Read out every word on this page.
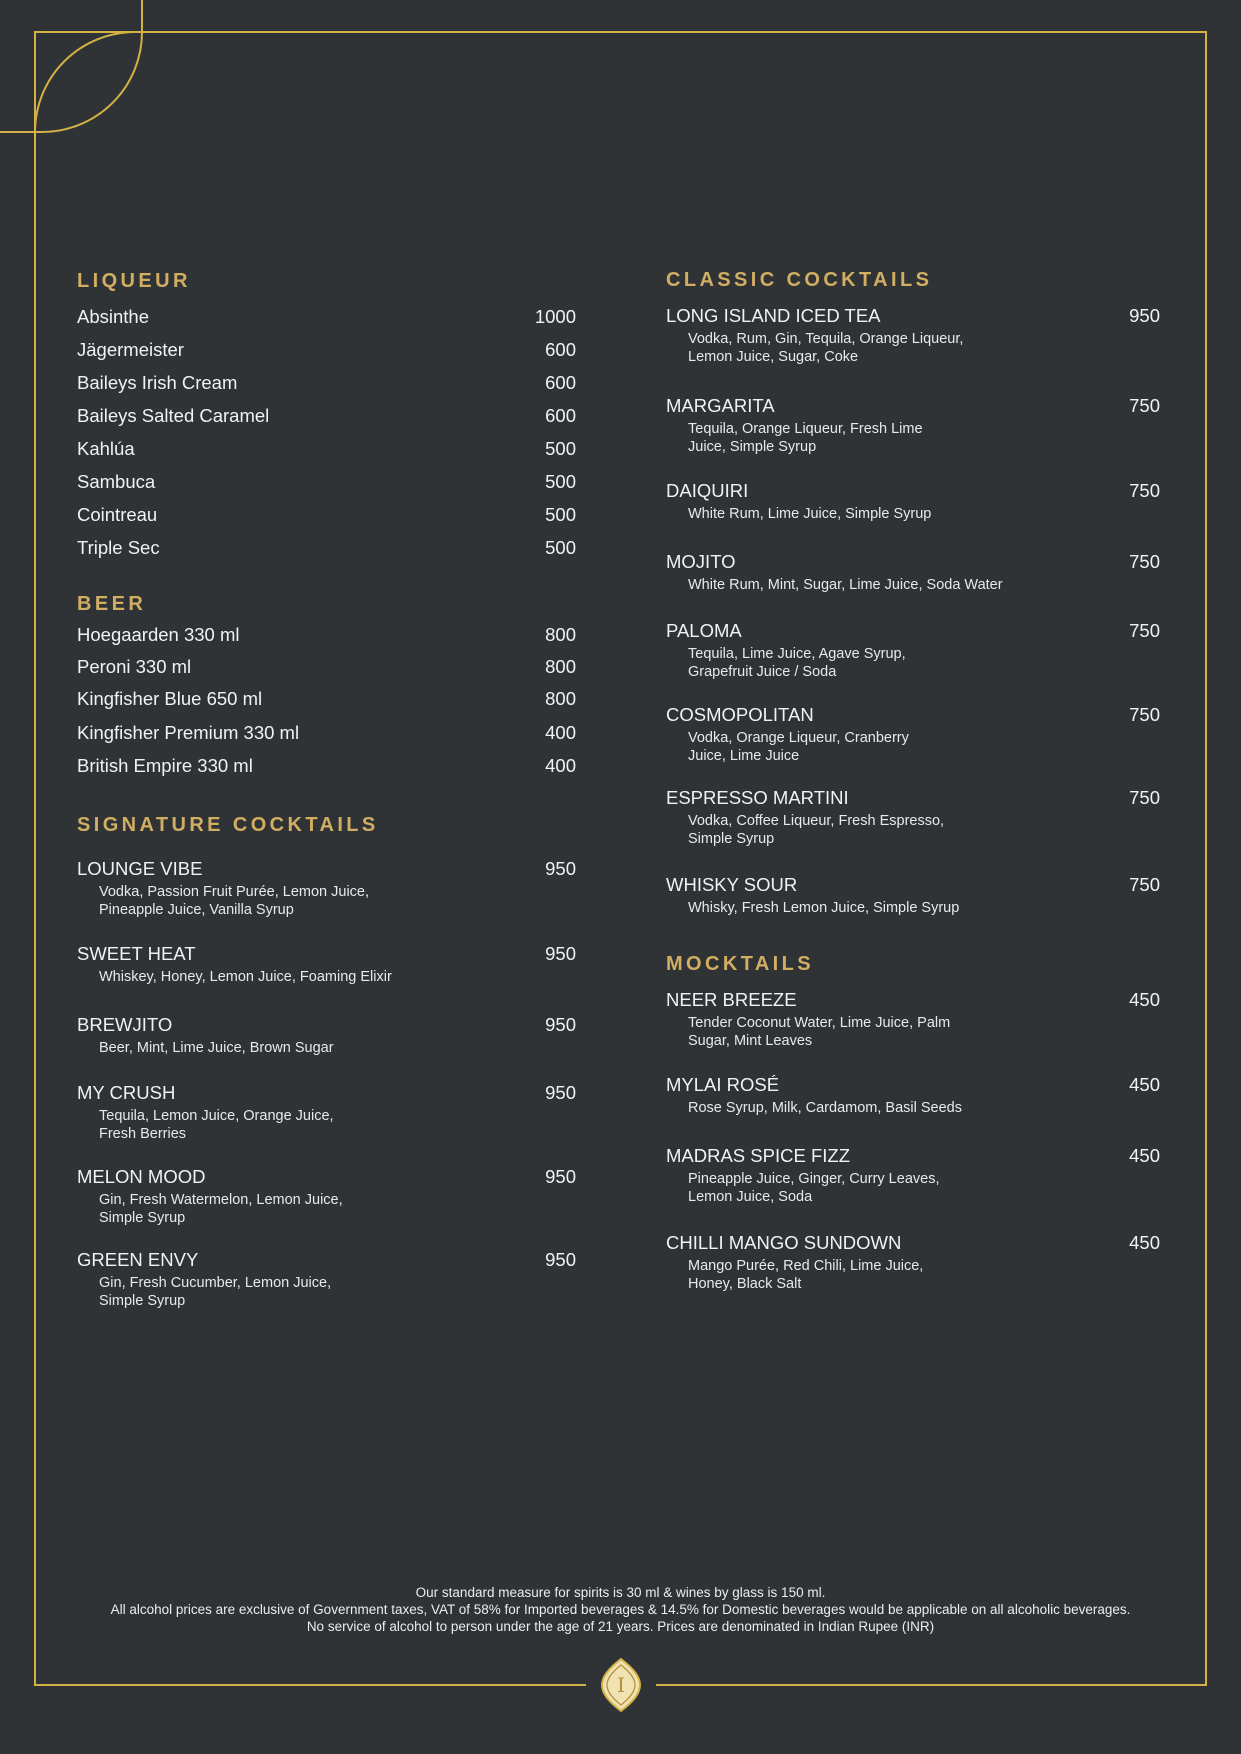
I
LIQUEUR
Absinthe	1000
Jägermeister	600
Baileys Irish Cream	600
Baileys Salted Caramel	600
Kahlúa	500
Sambuca	500
Cointreau	500
Triple Sec	500
BEER
Hoegaarden 330 ml	800
Peroni 330 ml	800
Kingfisher Blue 650 ml	800
Kingfisher Premium 330 ml	400
British Empire 330 ml	400
SIGNATURE COCKTAILS
LOUNGE VIBE	950
Vodka, Passion Fruit Purée, Lemon Juice,
Pineapple Juice, Vanilla Syrup
SWEET HEAT	950
Whiskey, Honey, Lemon Juice, Foaming Elixir
BREWJITO	950
Beer, Mint, Lime Juice, Brown Sugar
MY CRUSH	950
Tequila, Lemon Juice, Orange Juice,
Fresh Berries
MELON MOOD	950
Gin, Fresh Watermelon, Lemon Juice,
Simple Syrup
GREEN ENVY	950
Gin, Fresh Cucumber, Lemon Juice,
Simple Syrup
CLASSIC COCKTAILS
LONG ISLAND ICED TEA	950
Vodka, Rum, Gin, Tequila, Orange Liqueur,
Lemon Juice, Sugar, Coke
MARGARITA	750
Tequila, Orange Liqueur, Fresh Lime
Juice, Simple Syrup
DAIQUIRI	750
White Rum, Lime Juice, Simple Syrup
MOJITO	750
White Rum, Mint, Sugar, Lime Juice, Soda Water
PALOMA	750
Tequila, Lime Juice, Agave Syrup,
Grapefruit Juice / Soda
COSMOPOLITAN	750
Vodka, Orange Liqueur, Cranberry
Juice, Lime Juice
ESPRESSO MARTINI	750
Vodka, Coffee Liqueur, Fresh Espresso,
Simple Syrup
WHISKY SOUR	750
Whisky, Fresh Lemon Juice, Simple Syrup
MOCKTAILS
NEER BREEZE	450
Tender Coconut Water, Lime Juice, Palm
Sugar, Mint Leaves
MYLAI ROSÉ	450
Rose Syrup, Milk, Cardamom, Basil Seeds
MADRAS SPICE FIZZ	450
Pineapple Juice, Ginger, Curry Leaves,
Lemon Juice, Soda
CHILLI MANGO SUNDOWN	450
Mango Purée, Red Chili, Lime Juice,
Honey, Black Salt
Our standard measure for spirits is 30 ml & wines by glass is 150 ml.
All alcohol prices are exclusive of Government taxes, VAT of 58% for Imported beverages & 14.5% for Domestic beverages would be applicable on all alcoholic beverages.
No service of alcohol to person under the age of 21 years. Prices are denominated in Indian Rupee (INR)
